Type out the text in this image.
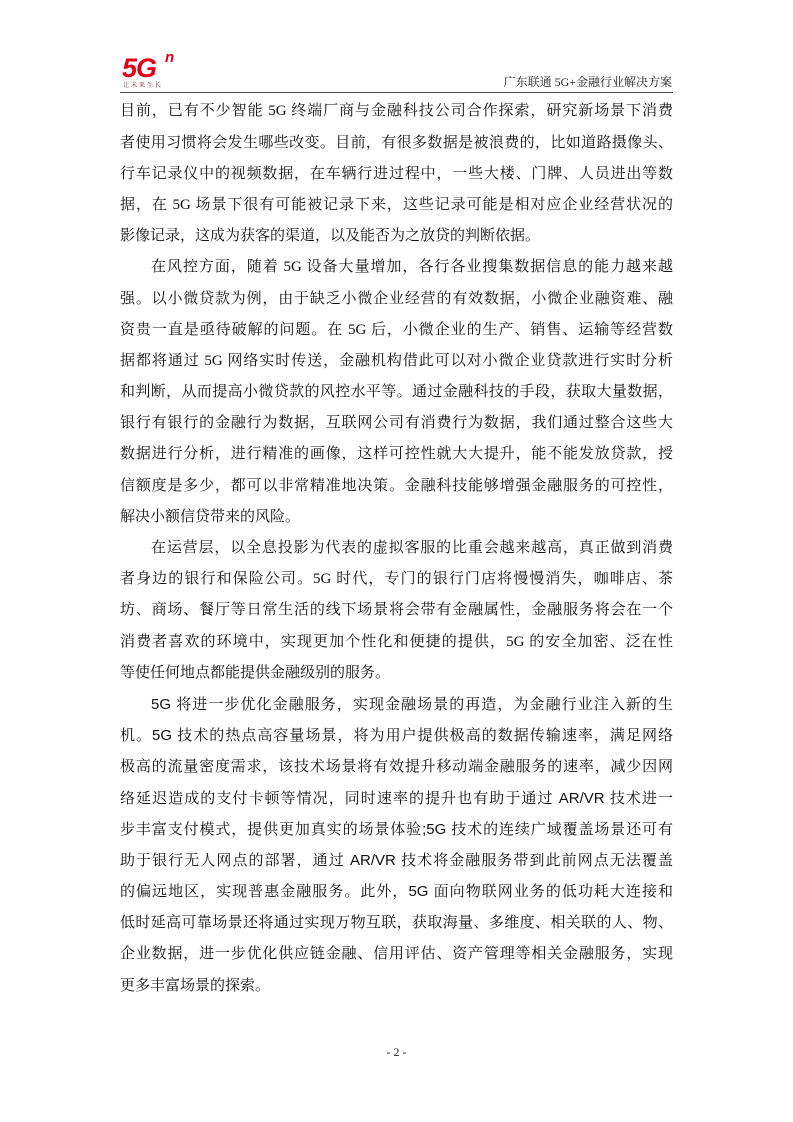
5G n
让未来生长	广东联通 5G+金融行业解决方案
目前，已有不少智能 5G 终端厂商与金融科技公司合作探索，研究新场景下消费
者使用习惯将会发生哪些改变。目前，有很多数据是被浪费的，比如道路摄像头、
行车记录仪中的视频数据，在车辆行进过程中，一些大楼、门牌、人员进出等数
据，在 5G 场景下很有可能被记录下来，这些记录可能是相对应企业经营状况的
影像记录，这成为获客的渠道，以及能否为之放贷的判断依据。
在风控方面，随着 5G 设备大量增加，各行各业搜集数据信息的能力越来越
强。以小微贷款为例，由于缺乏小微企业经营的有效数据，小微企业融资难、融
资贵一直是亟待破解的问题。在 5G 后，小微企业的生产、销售、运输等经营数
据都将通过 5G 网络实时传送，金融机构借此可以对小微企业贷款进行实时分析
和判断，从而提高小微贷款的风控水平等。通过金融科技的手段，获取大量数据，
银行有银行的金融行为数据，互联网公司有消费行为数据，我们通过整合这些大
数据进行分析，进行精准的画像，这样可控性就大大提升，能不能发放贷款，授
信额度是多少，都可以非常精准地决策。金融科技能够增强金融服务的可控性，
解决小额信贷带来的风险。
在运营层，以全息投影为代表的虚拟客服的比重会越来越高，真正做到消费
者身边的银行和保险公司。5G 时代，专门的银行门店将慢慢消失，咖啡店、茶
坊、商场、餐厅等日常生活的线下场景将会带有金融属性，金融服务将会在一个
消费者喜欢的环境中，实现更加个性化和便捷的提供，5G 的安全加密、泛在性
等使任何地点都能提供金融级别的服务。
5G 将进一步优化金融服务，实现金融场景的再造，为金融行业注入新的生
机。5G 技术的热点高容量场景，将为用户提供极高的数据传输速率，满足网络
极高的流量密度需求，该技术场景将有效提升移动端金融服务的速率，减少因网
络延迟造成的支付卡顿等情况，同时速率的提升也有助于通过 AR/VR 技术进一
步丰富支付模式，提供更加真实的场景体验;5G 技术的连续广域覆盖场景还可有
助于银行无人网点的部署，通过 AR/VR 技术将金融服务带到此前网点无法覆盖
的偏远地区，实现普惠金融服务。此外，5G 面向物联网业务的低功耗大连接和
低时延高可靠场景还将通过实现万物互联，获取海量、多维度、相关联的人、物、
企业数据，进一步优化供应链金融、信用评估、资产管理等相关金融服务，实现
更多丰富场景的探索。
- 2 -
